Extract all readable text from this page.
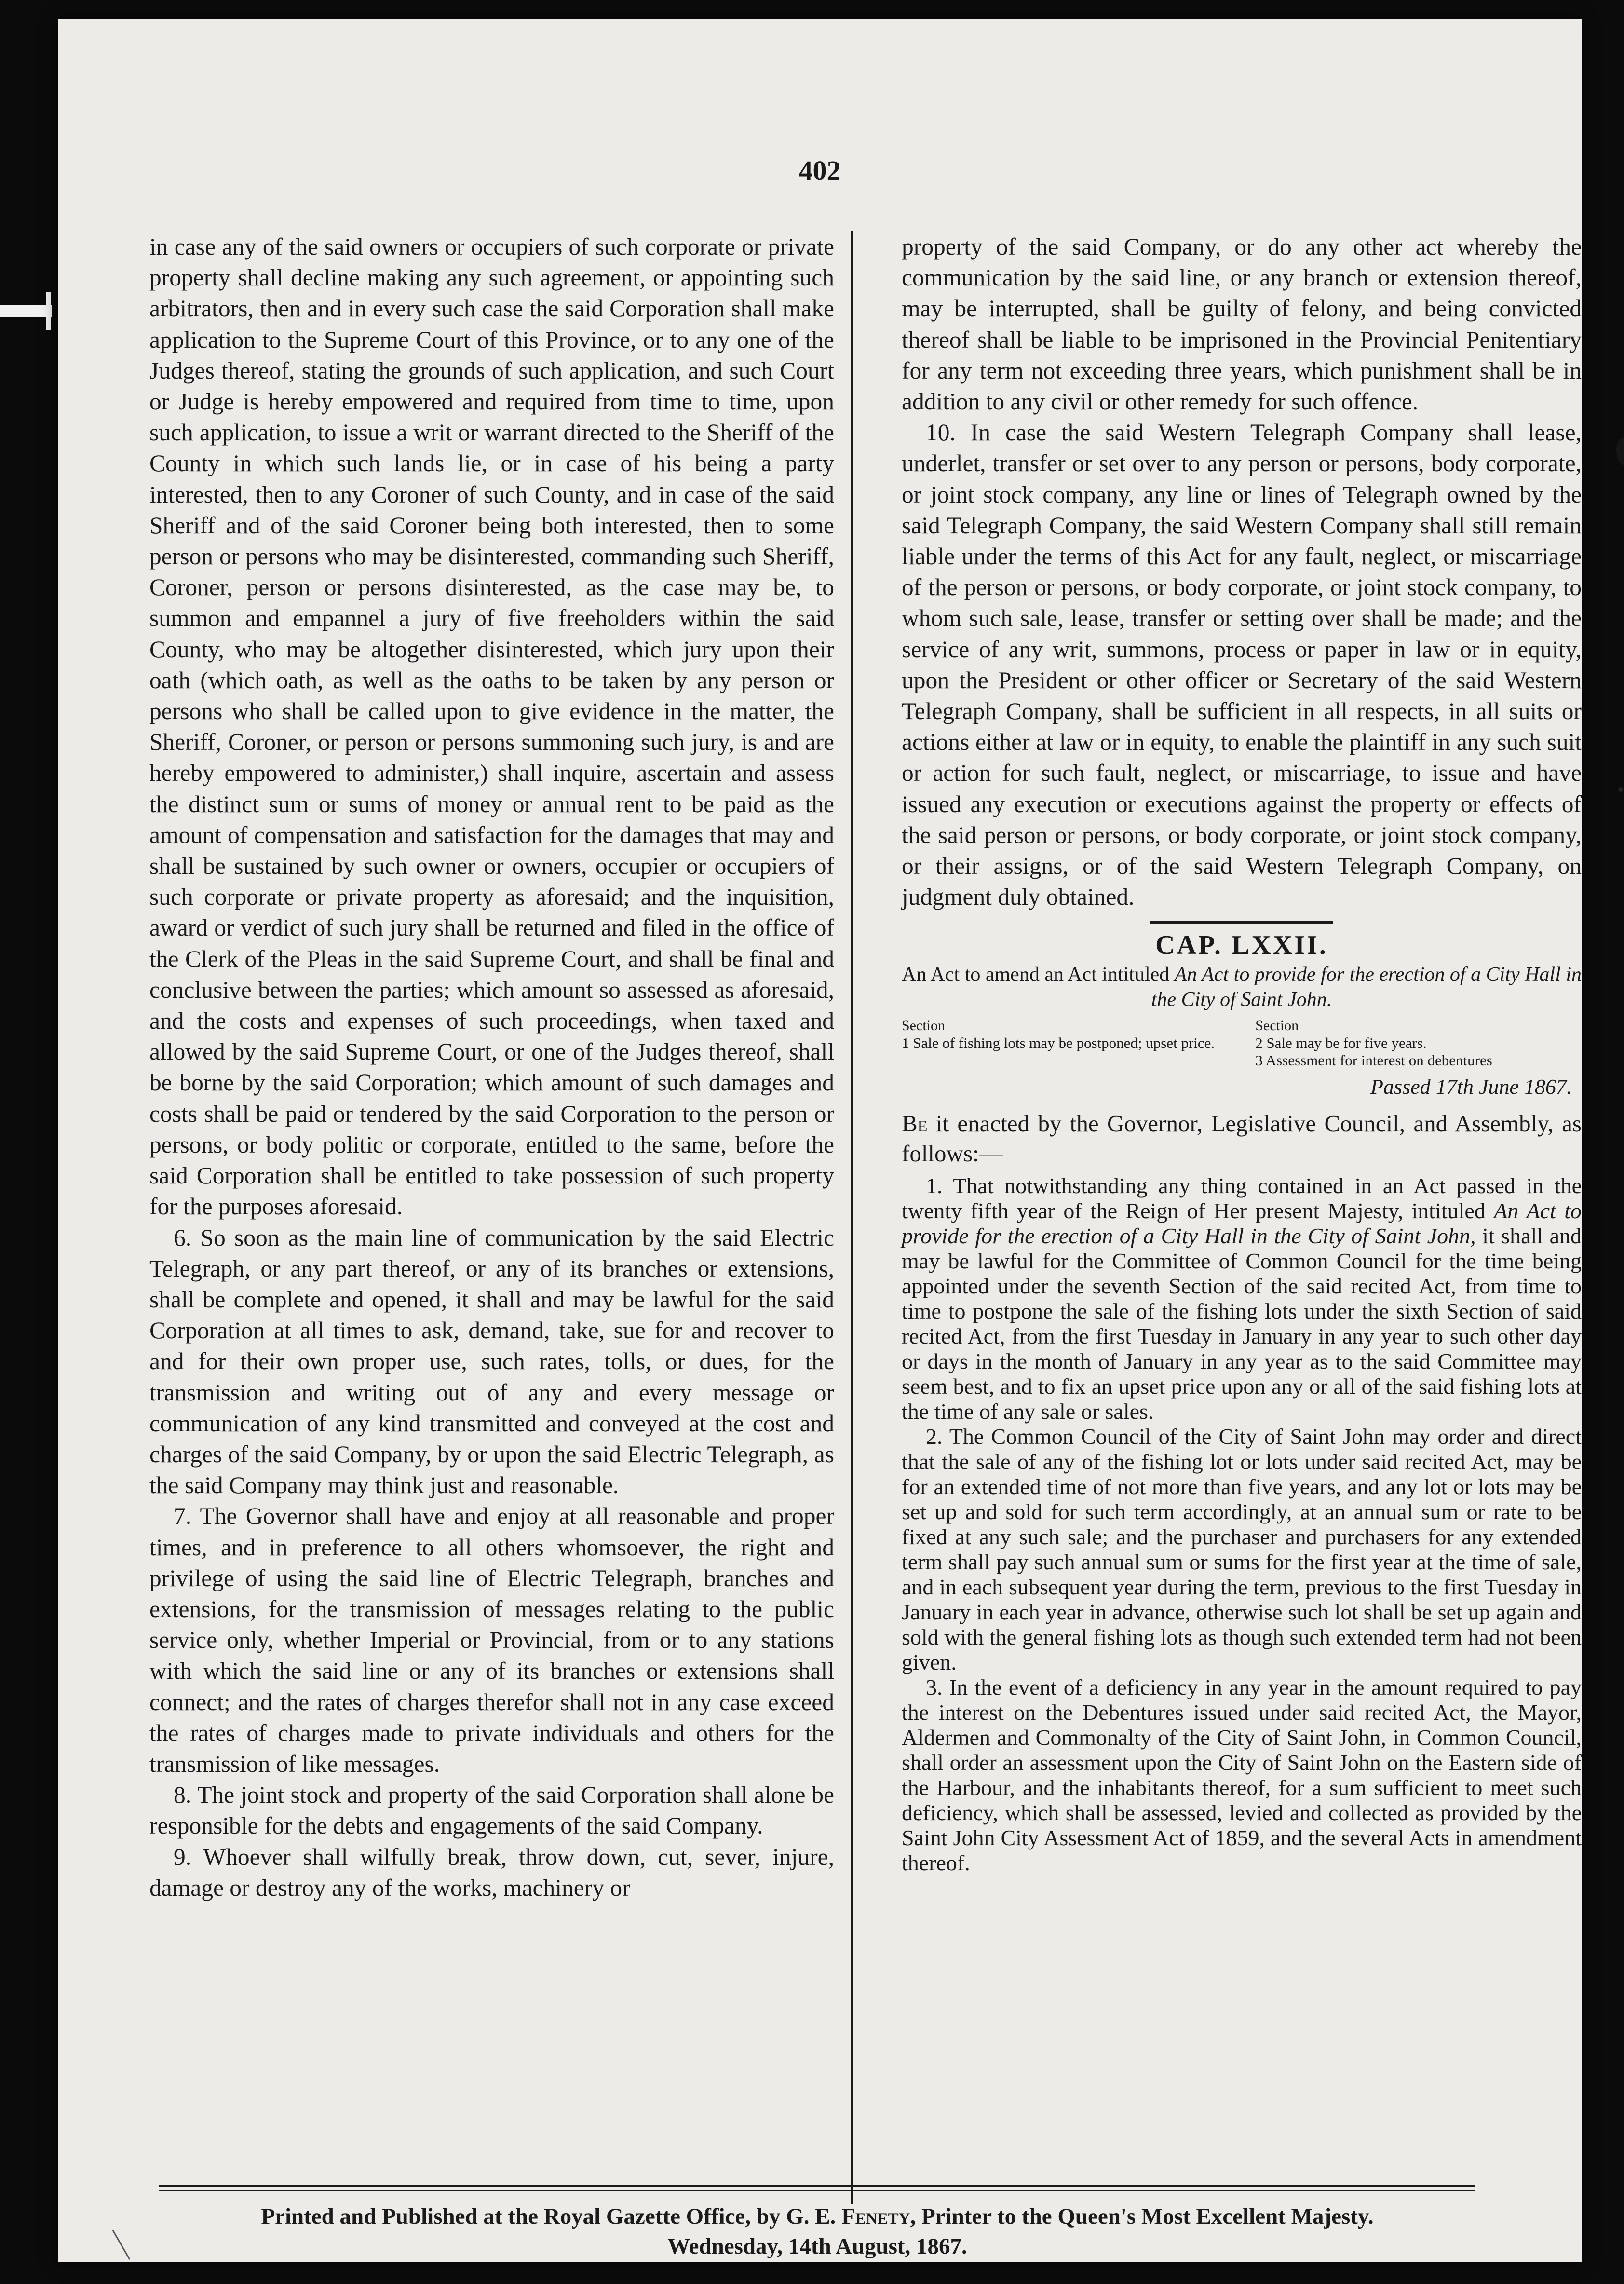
402

in case any of the said owners or occupiers of such corporate or private property shall decline making any such agreement, or appointing such arbitrators, then and in every such case the said Corporation shall make application to the Supreme Court of this Province, or to any one of the Judges thereof, stating the grounds of such application, and such Court or Judge is hereby empowered and required from time to time, upon such application, to issue a writ or warrant directed to the Sheriff of the County in which such lands lie, or in case of his being a party interested, then to any Coroner of such County, and in case of the said Sheriff and of the said Coroner being both interested, then to some person or persons who may be disinterested, commanding such Sheriff, Coroner, person or persons disinterested, as the case may be, to summon and empannel a jury of five freeholders within the said County, who may be altogether disinterested, which jury upon their oath (which oath, as well as the oaths to be taken by any person or persons who shall be called upon to give evidence in the matter, the Sheriff, Coroner, or person or persons summoning such jury, is and are hereby empowered to administer,) shall inquire, ascertain and assess the distinct sum or sums of money or annual rent to be paid as the amount of compensation and satisfaction for the damages that may and shall be sustained by such owner or owners, occupier or occupiers of such corporate or private property as aforesaid; and the inquisition, award or verdict of such jury shall be returned and filed in the office of the Clerk of the Pleas in the said Supreme Court, and shall be final and conclusive between the parties; which amount so assessed as aforesaid, and the costs and expenses of such proceedings, when taxed and allowed by the said Supreme Court, or one of the Judges thereof, shall be borne by the said Corporation; which amount of such damages and costs shall be paid or tendered by the said Corporation to the person or persons, or body politic or corporate, entitled to the same, before the said Corporation shall be entitled to take possession of such property for the purposes aforesaid.

6. So soon as the main line of communication by the said Electric Telegraph, or any part thereof, or any of its branches or extensions, shall be complete and opened, it shall and may be lawful for the said Corporation at all times to ask, demand, take, sue for and recover to and for their own proper use, such rates, tolls, or dues, for the transmission and writing out of any and every message or communication of any kind transmitted and conveyed at the cost and charges of the said Company, by or upon the said Electric Telegraph, as the said Company may think just and reasonable.

7. The Governor shall have and enjoy at all reasonable and proper times, and in preference to all others whomsoever, the right and privilege of using the said line of Electric Telegraph, branches and extensions, for the transmission of messages relating to the public service only, whether Imperial or Provincial, from or to any stations with which the said line or any of its branches or extensions shall connect; and the rates of charges therefor shall not in any case exceed the rates of charges made to private individuals and others for the transmission of like messages.

8. The joint stock and property of the said Corporation shall alone be responsible for the debts and engagements of the said Company.

9. Whoever shall wilfully break, throw down, cut, sever, injure, damage or destroy any of the works, machinery or

property of the said Company, or do any other act whereby the communication by the said line, or any branch or extension thereof, may be interrupted, shall be guilty of felony, and being convicted thereof shall be liable to be imprisoned in the Provincial Penitentiary for any term not exceeding three years, which punishment shall be in addition to any civil or other remedy for such offence.

10. In case the said Western Telegraph Company shall lease, underlet, transfer or set over to any person or persons, body corporate, or joint stock company, any line or lines of Telegraph owned by the said Telegraph Company, the said Western Company shall still remain liable under the terms of this Act for any fault, neglect, or miscarriage of the person or persons, or body corporate, or joint stock company, to whom such sale, lease, transfer or setting over shall be made; and the service of any writ, summons, process or paper in law or in equity, upon the President or other officer or Secretary of the said Western Telegraph Company, shall be sufficient in all respects, in all suits or actions either at law or in equity, to enable the plaintiff in any such suit or action for such fault, neglect, or miscarriage, to issue and have issued any execution or executions against the property or effects of the said person or persons, or body corporate, or joint stock company, or their assigns, or of the said Western Telegraph Company, on judgment duly obtained.

CAP. LXXII.
An Act to amend an Act intituled An Act to provide for the erection of a City Hall in the City of Saint John.
Section
1 Sale of fishing lots may be postponed; upset price.
Section
2 Sale may be for five years.
3 Assessment for interest on debentures
Passed 17th June 1867.
Be it enacted by the Governor, Legislative Council, and Assembly, as follows:—

1. That notwithstanding any thing contained in an Act passed in the twenty fifth year of the Reign of Her present Majesty, intituled An Act to provide for the erection of a City Hall in the City of Saint John, it shall and may be lawful for the Committee of Common Council for the time being appointed under the seventh Section of the said recited Act, from time to time to postpone the sale of the fishing lots under the sixth Section of said recited Act, from the first Tuesday in January in any year to such other day or days in the month of January in any year as to the said Committee may seem best, and to fix an upset price upon any or all of the said fishing lots at the time of any sale or sales.

2. The Common Council of the City of Saint John may order and direct that the sale of any of the fishing lot or lots under said recited Act, may be for an extended time of not more than five years, and any lot or lots may be set up and sold for such term accordingly, at an annual sum or rate to be fixed at any such sale; and the purchaser and purchasers for any extended term shall pay such annual sum or sums for the first year at the time of sale, and in each subsequent year during the term, previous to the first Tuesday in January in each year in advance, otherwise such lot shall be set up again and sold with the general fishing lots as though such extended term had not been given.

3. In the event of a deficiency in any year in the amount required to pay the interest on the Debentures issued under said recited Act, the Mayor, Aldermen and Commonalty of the City of Saint John, in Common Council, shall order an assessment upon the City of Saint John on the Eastern side of the Harbour, and the inhabitants thereof, for a sum sufficient to meet such deficiency, which shall be assessed, levied and collected as provided by the Saint John City Assessment Act of 1859, and the several Acts in amendment thereof.

Printed and Published at the Royal Gazette Office, by G. E. Fenety, Printer to the Queen's Most Excellent Majesty.
Wednesday, 14th August, 1867.
